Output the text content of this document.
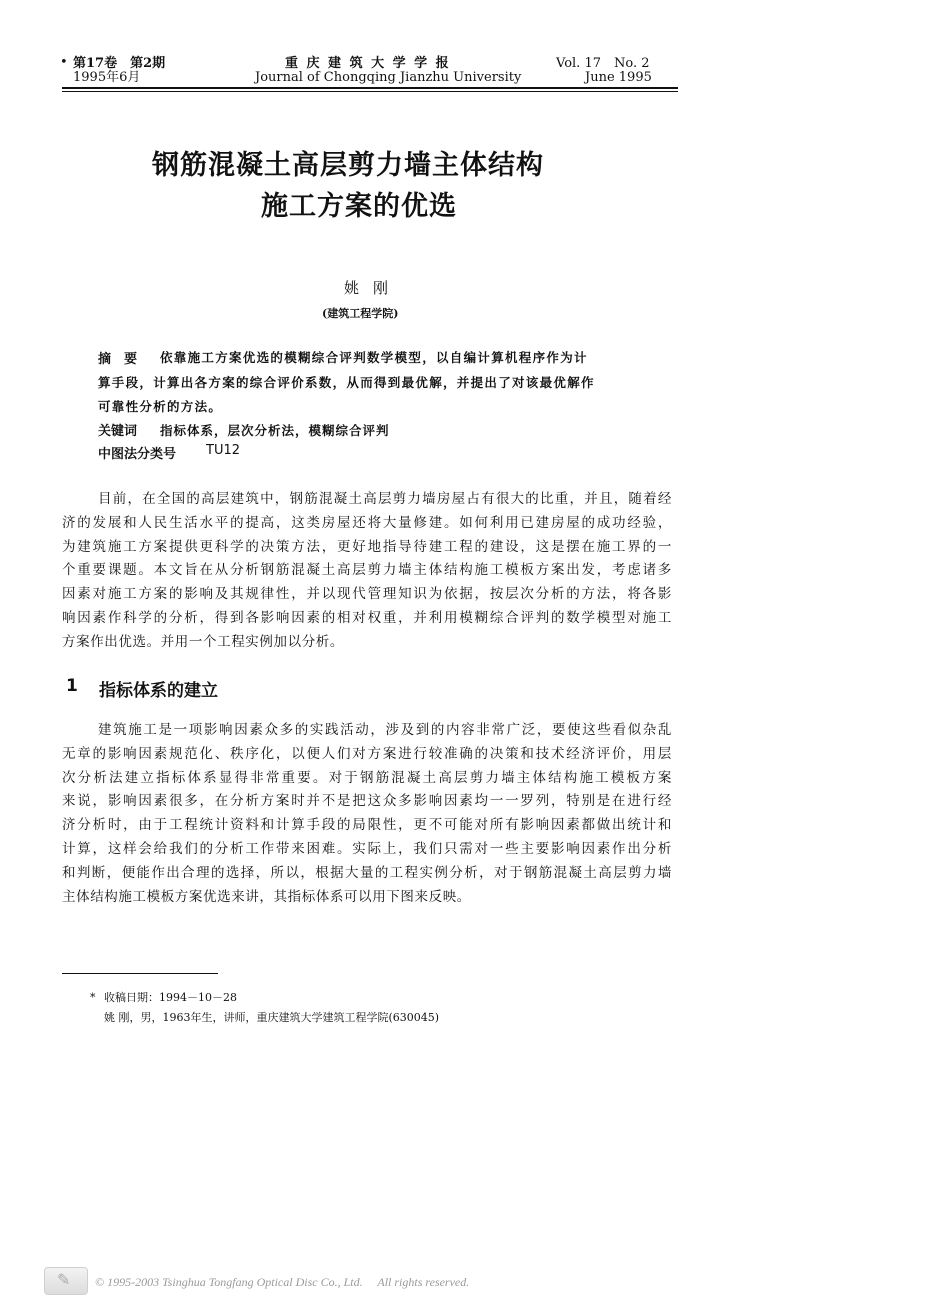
• 第17卷　第2期
1995年6月
重 庆 建 筑 大 学 学 报
Journal of Chongqing Jianzhu University
Vol. 17　No. 2
June 1995
钢筋混凝土高层剪力墙主体结构
施工方案的优选
姚刚
(建筑工程学院)
摘　要 依靠施工方案优选的模糊综合评判数学模型，以自编计算机程序作为计
算手段，计算出各方案的综合评价系数，从而得到最优解，并提出了对该最优解作
可靠性分析的方法。
关键词 指标体系，层次分析法，模糊综合评判
中图法分类号 TU12
目前，在全国的高层建筑中，钢筋混凝土高层剪力墙房屋占有很大的比重，并且，随着经
济的发展和人民生活水平的提高，这类房屋还将大量修建。如何利用已建房屋的成功经验，
为建筑施工方案提供更科学的决策方法，更好地指导待建工程的建设，这是摆在施工界的一
个重要课题。本文旨在从分析钢筋混凝土高层剪力墙主体结构施工模板方案出发，考虑诸多
因素对施工方案的影响及其规律性，并以现代管理知识为依据，按层次分析的方法，将各影
响因素作科学的分析，得到各影响因素的相对权重，并利用模糊综合评判的数学模型对施工
方案作出优选。并用一个工程实例加以分析。
1 指标体系的建立
建筑施工是一项影响因素众多的实践活动，涉及到的内容非常广泛，要使这些看似杂乱
无章的影响因素规范化、秩序化，以便人们对方案进行较准确的决策和技术经济评价，用层
次分析法建立指标体系显得非常重要。对于钢筋混凝土高层剪力墙主体结构施工模板方案
来说，影响因素很多，在分析方案时并不是把这众多影响因素均一一罗列，特别是在进行经
济分析时，由于工程统计资料和计算手段的局限性，更不可能对所有影响因素都做出统计和
计算，这样会给我们的分析工作带来困难。实际上，我们只需对一些主要影响因素作出分析
和判断，便能作出合理的选择，所以，根据大量的工程实例分析，对于钢筋混凝土高层剪力墙
主体结构施工模板方案优选来讲，其指标体系可以用下图来反映。
* 收稿日期：1994－10－28
姚 刚，男，1963年生，讲师，重庆建筑大学建筑工程学院(630045)
✎ © 1995-2003 Tsinghua Tongfang Optical Disc Co., Ltd.　 All rights reserved.
